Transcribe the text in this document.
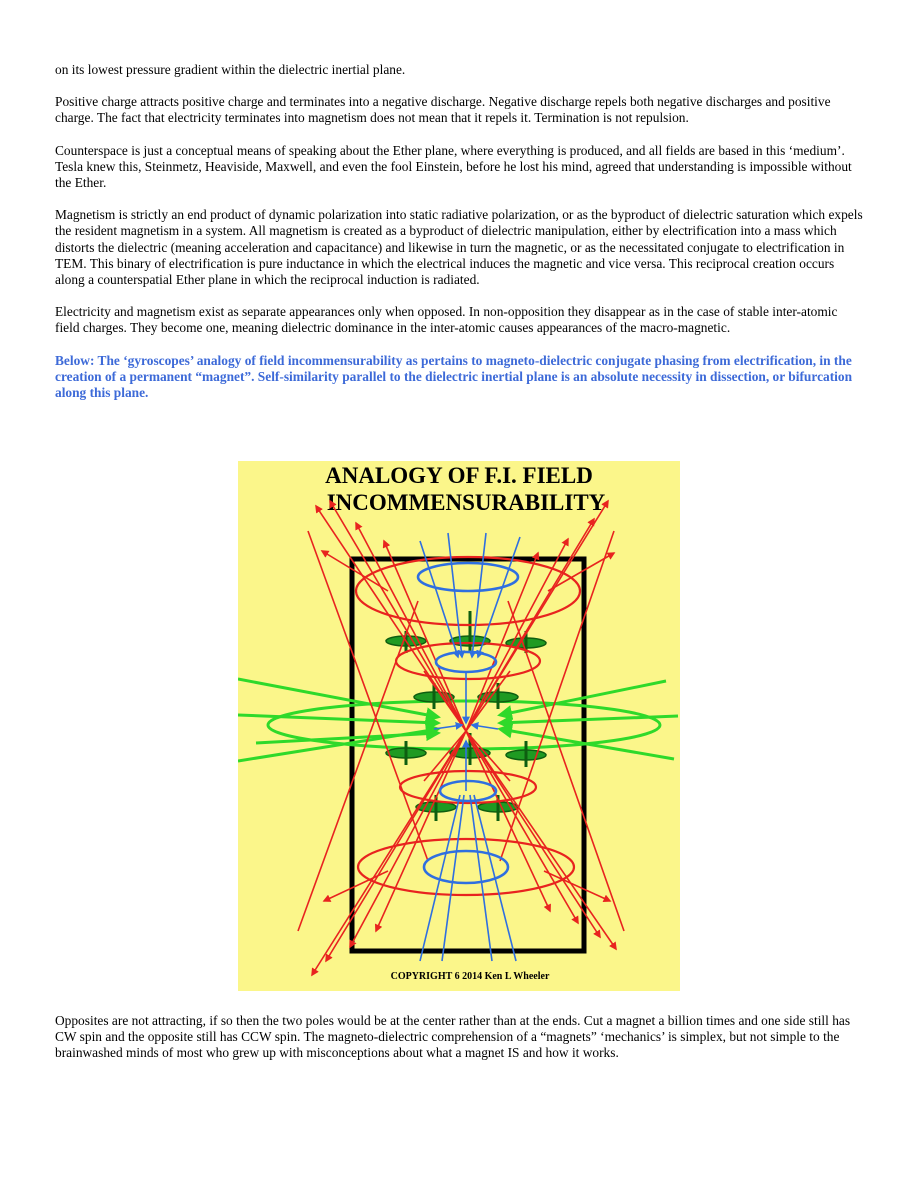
on its lowest pressure gradient within the dielectric inertial plane.

Positive charge attracts positive charge and terminates into a negative discharge. Negative discharge repels both negative discharges and positive charge. The fact that electricity terminates into magnetism does not mean that it repels it. Termination is not repulsion.

Counterspace is just a conceptual means of speaking about the Ether plane, where everything is produced, and all fields are based in this ‘medium’. Tesla knew this, Steinmetz, Heaviside, Maxwell, and even the fool Einstein, before he lost his mind, agreed that understanding is impossible without the Ether.

Magnetism is strictly an end product of dynamic polarization into static radiative polarization, or as the byproduct of dielectric saturation which expels the resident magnetism in a system. All magnetism is created as a byproduct of dielectric manipulation, either by electrification into a mass which distorts the dielectric (meaning acceleration and capacitance) and likewise in turn the magnetic, or as the necessitated conjugate to electrification in TEM. This binary of electrification is pure inductance in which the electrical induces the magnetic and vice versa. This reciprocal creation occurs along a counterspatial Ether plane in which the reciprocal induction is radiated.

Electricity and magnetism exist as separate appearances only when opposed. In non-opposition they disappear as in the case of stable inter-atomic field charges. They become one, meaning dielectric dominance in the inter-atomic causes appearances of the macro-magnetic.

Below: The ‘gyroscopes’ analogy of field incommensurability as pertains to magneto-dielectric conjugate phasing from electrification, in the creation of a permanent “magnet”. Self-similarity parallel to the dielectric inertial plane is an absolute necessity in dissection, or bifurcation along this plane.

ANALOGY OF F.I. FIELD
INCOMMENSURABILITY
COPYRIGHT 6 2014 Ken L Wheeler

Opposites are not attracting, if so then the two poles would be at the center rather than at the ends. Cut a magnet a billion times and one side still has CW spin and the opposite still has CCW spin. The magneto-dielectric comprehension of a “magnets” ‘mechanics’ is simplex, but not simple to the brainwashed minds of most who grew up with misconceptions about what a magnet IS and how it works.
